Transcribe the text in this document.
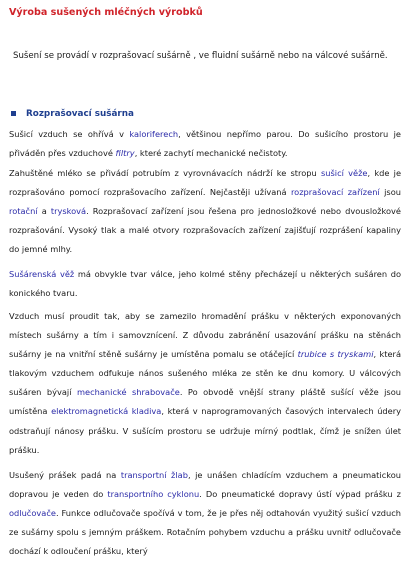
Výroba sušených mléčných výrobků

Sušení se provádí v rozprašovací sušárně , ve fluidní sušárně nebo na válcové sušárně.

Rozprašovací sušárna

Sušicí vzduch se ohřívá v kaloriferech, většinou nepřímo parou. Do sušicího prostoru je přiváděn přes vzduchové filtry, které zachytí mechanické nečistoty.

Zahuštěné mléko se přivádí potrubím z vyrovnávacích nádrží ke stropu sušicí věže, kde je rozprašováno pomocí rozprašovacího zařízení. Nejčastěji užívaná rozprašovací zařízení jsou rotační a trysková. Rozprašovací zařízení jsou řešena pro jednosložkové nebo dvousložkové rozprašování. Vysoký tlak a malé otvory rozprašovacích zařízení zajišťují rozprášení kapaliny do jemné mlhy.

Sušárenská věž má obvykle tvar válce, jeho kolmé stěny přecházejí u některých sušáren do konického tvaru.

Vzduch musí proudit tak, aby se zamezilo hromadění prášku v některých exponovaných místech sušárny a tím i samovznícení. Z důvodu zabránění usazování prášku na stěnách sušárny je na vnitřní stěně sušárny je umístěna pomalu se otáčející trubice s tryskami, která tlakovým vzduchem odfukuje nános sušeného mléka ze stěn ke dnu komory. U válcových sušáren bývají mechanické shrabovače. Po obvodě vnější strany pláště sušící věže jsou umístěna elektromagnetická kladiva, která v naprogramovaných časových intervalech údery odstraňují nánosy prášku. V sušícím prostoru se udržuje mírný podtlak, čímž je snížen úlet prášku.

Usušený prášek padá na transportní žlab, je unášen chladícím vzduchem a pneumatickou dopravou je veden do transportního cyklonu. Do pneumatické dopravy ústí výpad prášku z odlučovače. Funkce odlučovače spočívá v tom, že je přes něj odtahován využitý sušicí vzduch ze sušárny spolu s jemným práškem. Rotačním pohybem vzduchu a prášku uvnitř odlučovače dochází k odloučení prášku, který
